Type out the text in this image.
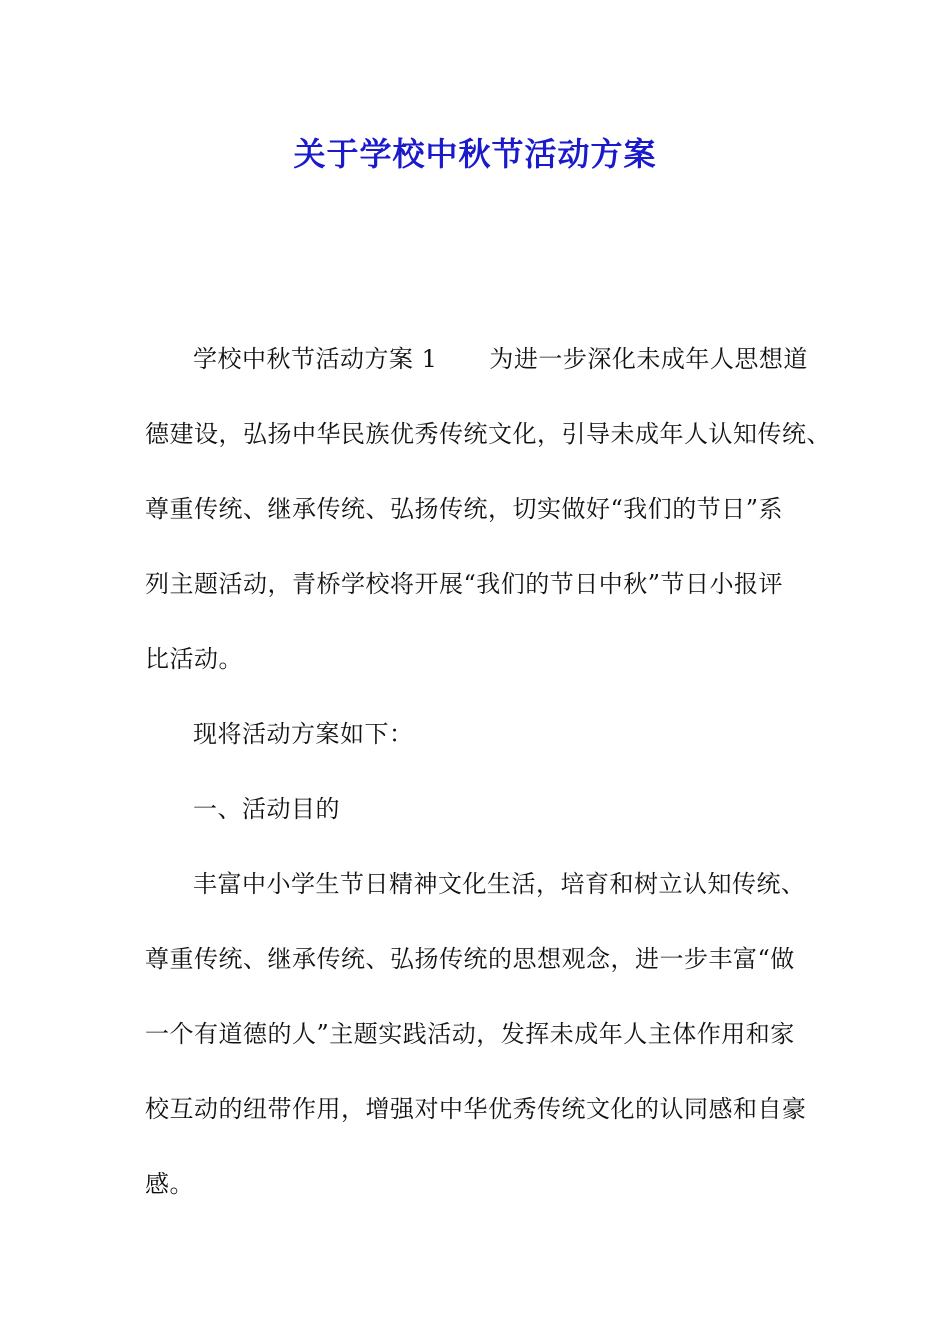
关于学校中秋节活动方案
学校中秋节活动方案 1 为进一步深化未成年人思想道
德建设，弘扬中华民族优秀传统文化，引导未成年人认知传统、
尊重传统、继承传统、弘扬传统，切实做好“我们的节日”系
列主题活动，青桥学校将开展“我们的节日中秋”节日小报评
比活动。
现将活动方案如下：
一、活动目的
丰富中小学生节日精神文化生活，培育和树立认知传统、
尊重传统、继承传统、弘扬传统的思想观念，进一步丰富“做
一个有道德的人”主题实践活动，发挥未成年人主体作用和家
校互动的纽带作用，增强对中华优秀传统文化的认同感和自豪
感。
